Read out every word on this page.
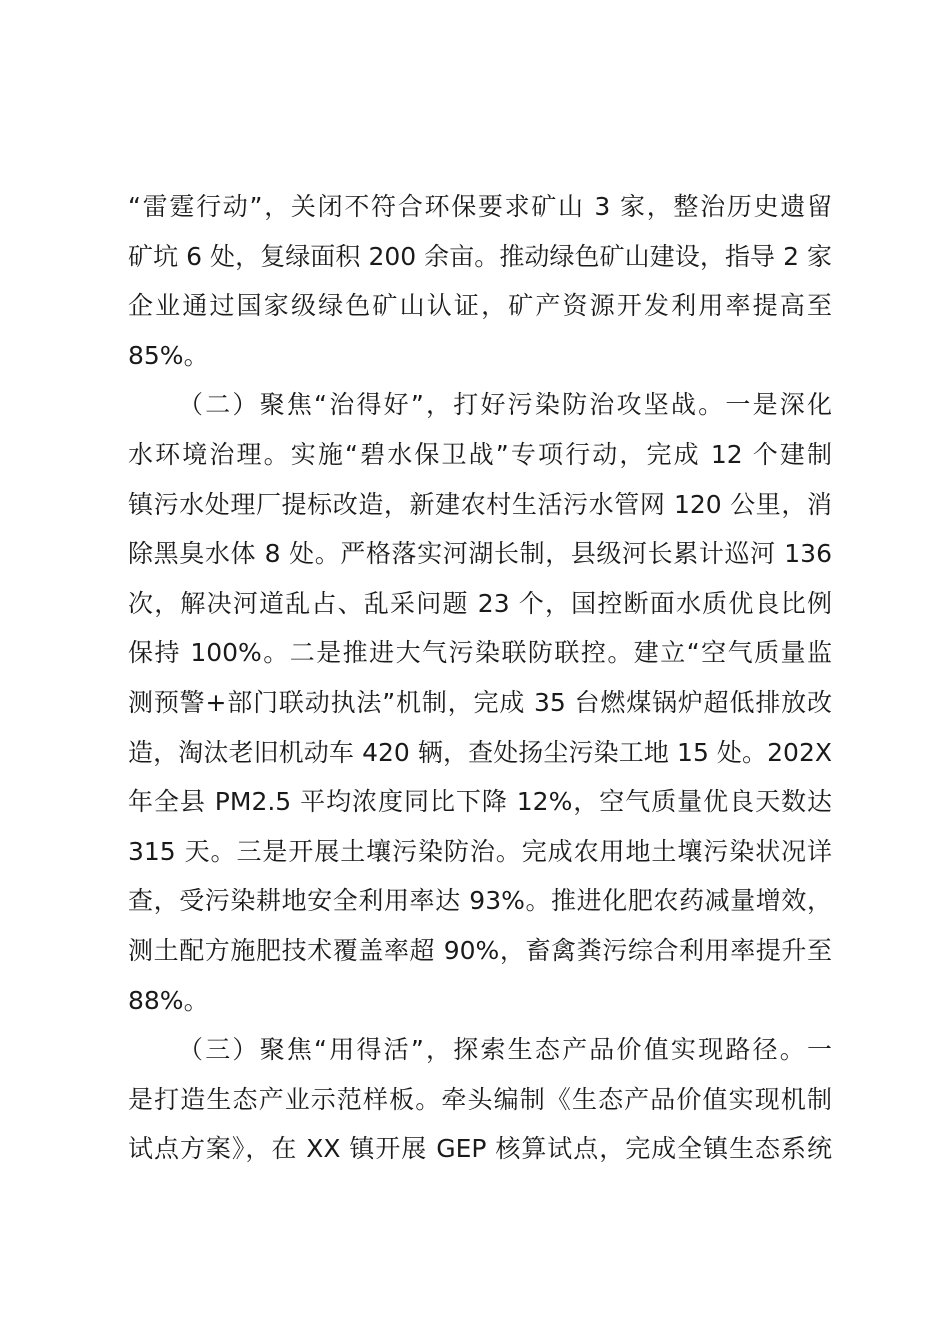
“雷霆行动”，关闭不符合环保要求矿山 3 家，整治历史遗留
矿坑 6 处，复绿面积 200 余亩。推动绿色矿山建设，指导 2 家
企业通过国家级绿色矿山认证，矿产资源开发利用率提高至
85%。
（二）聚焦“治得好”，打好污染防治攻坚战。一是深化
水环境治理。实施“碧水保卫战”专项行动，完成 12 个建制
镇污水处理厂提标改造，新建农村生活污水管网 120 公里，消
除黑臭水体 8 处。严格落实河湖长制，县级河长累计巡河 136
次，解决河道乱占、乱采问题 23 个，国控断面水质优良比例
保持 100%。二是推进大气污染联防联控。建立“空气质量监
测预警+部门联动执法”机制，完成 35 台燃煤锅炉超低排放改
造，淘汰老旧机动车 420 辆，查处扬尘污染工地 15 处。202X
年全县 PM2.5 平均浓度同比下降 12%，空气质量优良天数达
315 天。三是开展土壤污染防治。完成农用地土壤污染状况详
查，受污染耕地安全利用率达 93%。推进化肥农药减量增效，
测土配方施肥技术覆盖率超 90%，畜禽粪污综合利用率提升至
88%。
（三）聚焦“用得活”，探索生态产品价值实现路径。一
是打造生态产业示范样板。牵头编制《生态产品价值实现机制
试点方案》，在 XX 镇开展 GEP 核算试点，完成全镇生态系统
